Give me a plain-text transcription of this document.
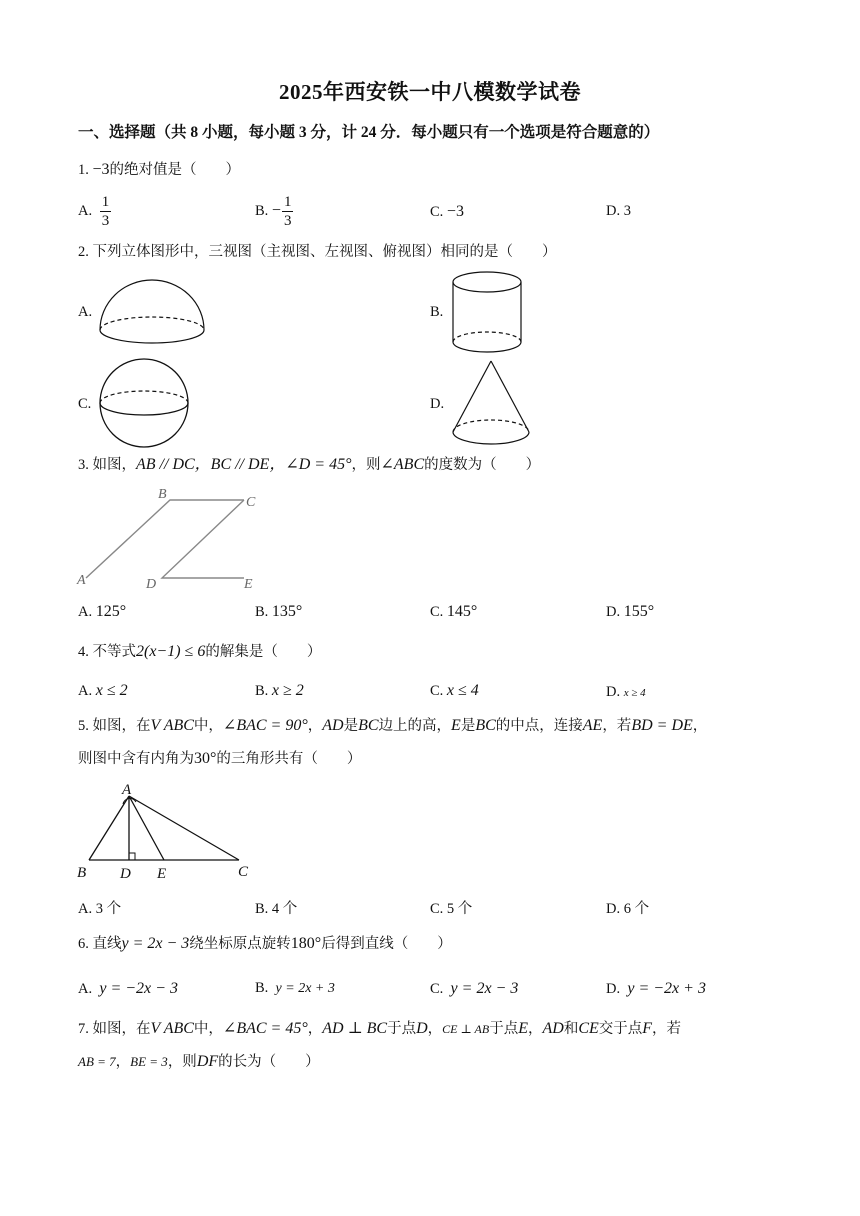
2025年西安铁一中八模数学试卷
一、选择题（共 8 小题，每小题 3 分，计 24 分．每小题只有一个选项是符合题意的）
1. −3的绝对值是（　　）
A. $\frac{1}{3}$	B. − $\frac{1}{3}$	C. −3	D. 3
2. 下列立体图形中，三视图（主视图、左视图、俯视图）相同的是（　　）
A.	B.
C.	D.
3. 如图，AB // DC，BC // DE，∠D = 45°，则∠ABC的度数为（　　）
A
B
C
D	E
A. 125°	B. 135°	C. 145°	D. 155°
4. 不等式2(x−1) ≤ 6的解集是（　　）
A. x ≤ 2	B. x ≥ 2	C. x ≤ 4	D. x ≥ 4
5. 如图，在V ABC中，∠BAC = 90°，AD是BC边上的高，E是BC的中点，连接AE，若BD = DE，
则图中含有内角为30°的三角形共有（　　）
A
B D E	C
A. 3 个	B. 4 个	C. 5 个	D. 6 个
6. 直线y = 2x − 3绕坐标原点旋转180°后得到直线（　　）
A. y = −2x − 3	B. y = 2x + 3	C. y = 2x − 3	D. y = −2x + 3
7. 如图，在V ABC中，∠BAC = 45°，AD ⊥ BC于点D，CE ⊥ AB于点E，AD和CE交于点F，若
AB = 7，BE = 3，则DF的长为（　　）
